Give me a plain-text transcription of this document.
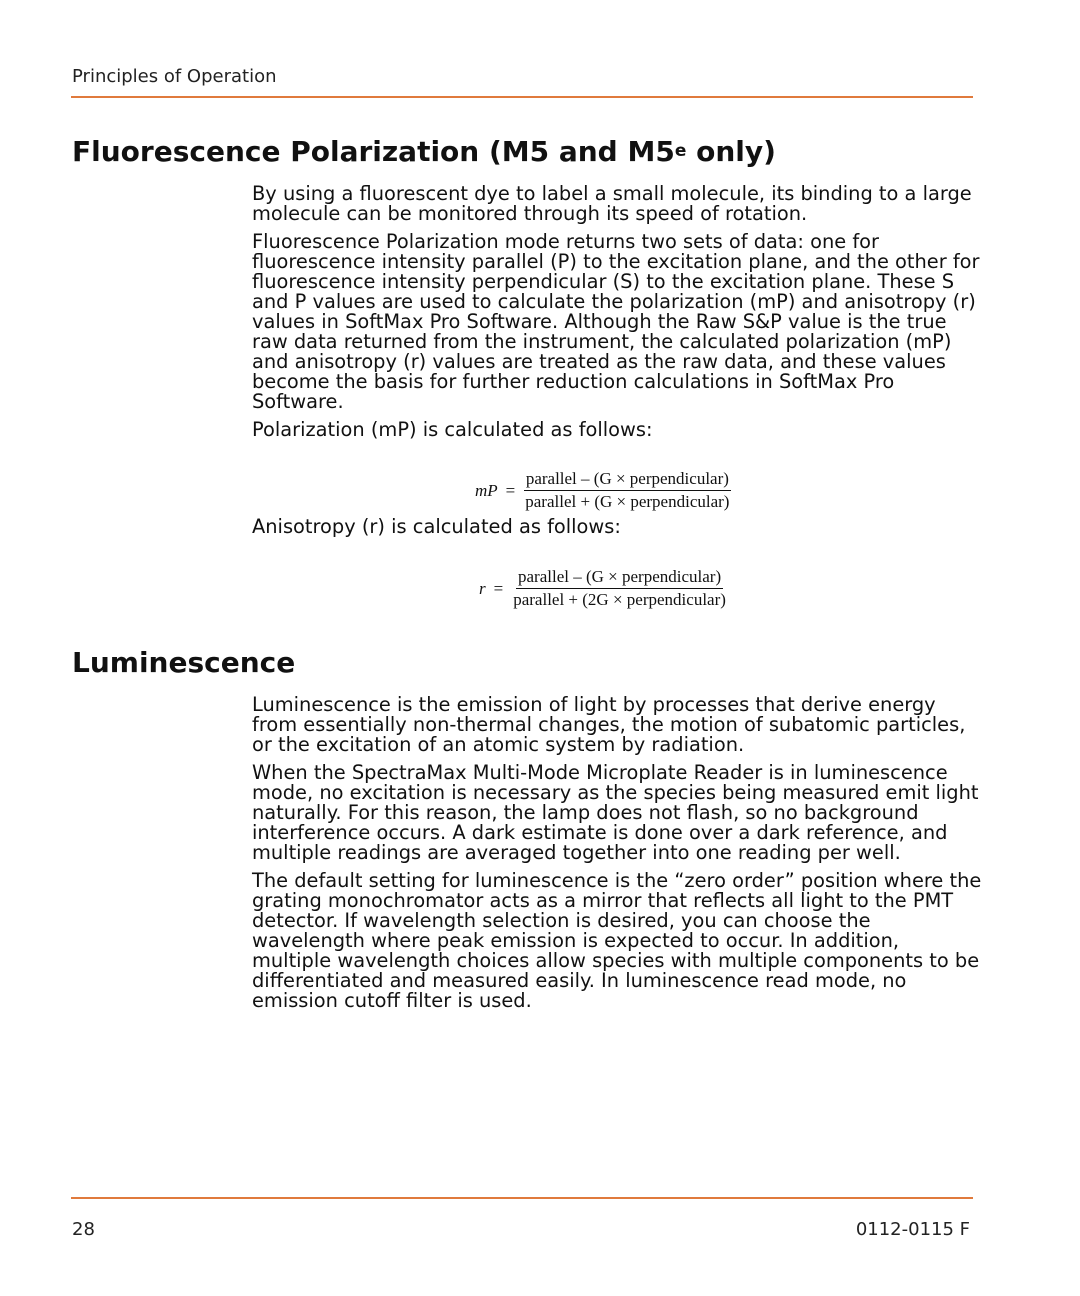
Principles of Operation
Fluorescence Polarization (M5 and M5e only)

By using a fluorescent dye to label a small molecule, its binding to a large molecule can be monitored through its speed of rotation.

Fluorescence Polarization mode returns two sets of data: one for fluorescence intensity parallel (P) to the excitation plane, and the other for fluorescence intensity perpendicular (S) to the excitation plane. These S and P values are used to calculate the polarization (mP) and anisotropy (r) values in SoftMax Pro Software. Although the Raw S&P value is the true raw data returned from the instrument, the calculated polarization (mP) and anisotropy (r) values are treated as the raw data, and these values become the basis for further reduction calculations in SoftMax Pro Software.

Polarization (mP) is calculated as follows:

mP = $\frac{\text{parallel – (G × perpendicular)}}{\text{parallel + (G × perpendicular)}}$

Anisotropy (r) is calculated as follows:

$r = \frac{\text{parallel – (G × perpendicular)}}{\text{parallel + (2G × perpendicular)}}$
Luminescence

Luminescence is the emission of light by processes that derive energy from essentially non-thermal changes, the motion of subatomic particles, or the excitation of an atomic system by radiation.

When the SpectraMax Multi-Mode Microplate Reader is in luminescence mode, no excitation is necessary as the species being measured emit light naturally. For this reason, the lamp does not flash, so no background interference occurs. A dark estimate is done over a dark reference, and multiple readings are averaged together into one reading per well.

The default setting for luminescence is the “zero order” position where the grating monochromator acts as a mirror that reflects all light to the PMT detector. If wavelength selection is desired, you can choose the wavelength where peak emission is expected to occur. In addition, multiple wavelength choices allow species with multiple components to be differentiated and measured easily. In luminescence read mode, no emission cutoff filter is used.

28	0112-0115 F
